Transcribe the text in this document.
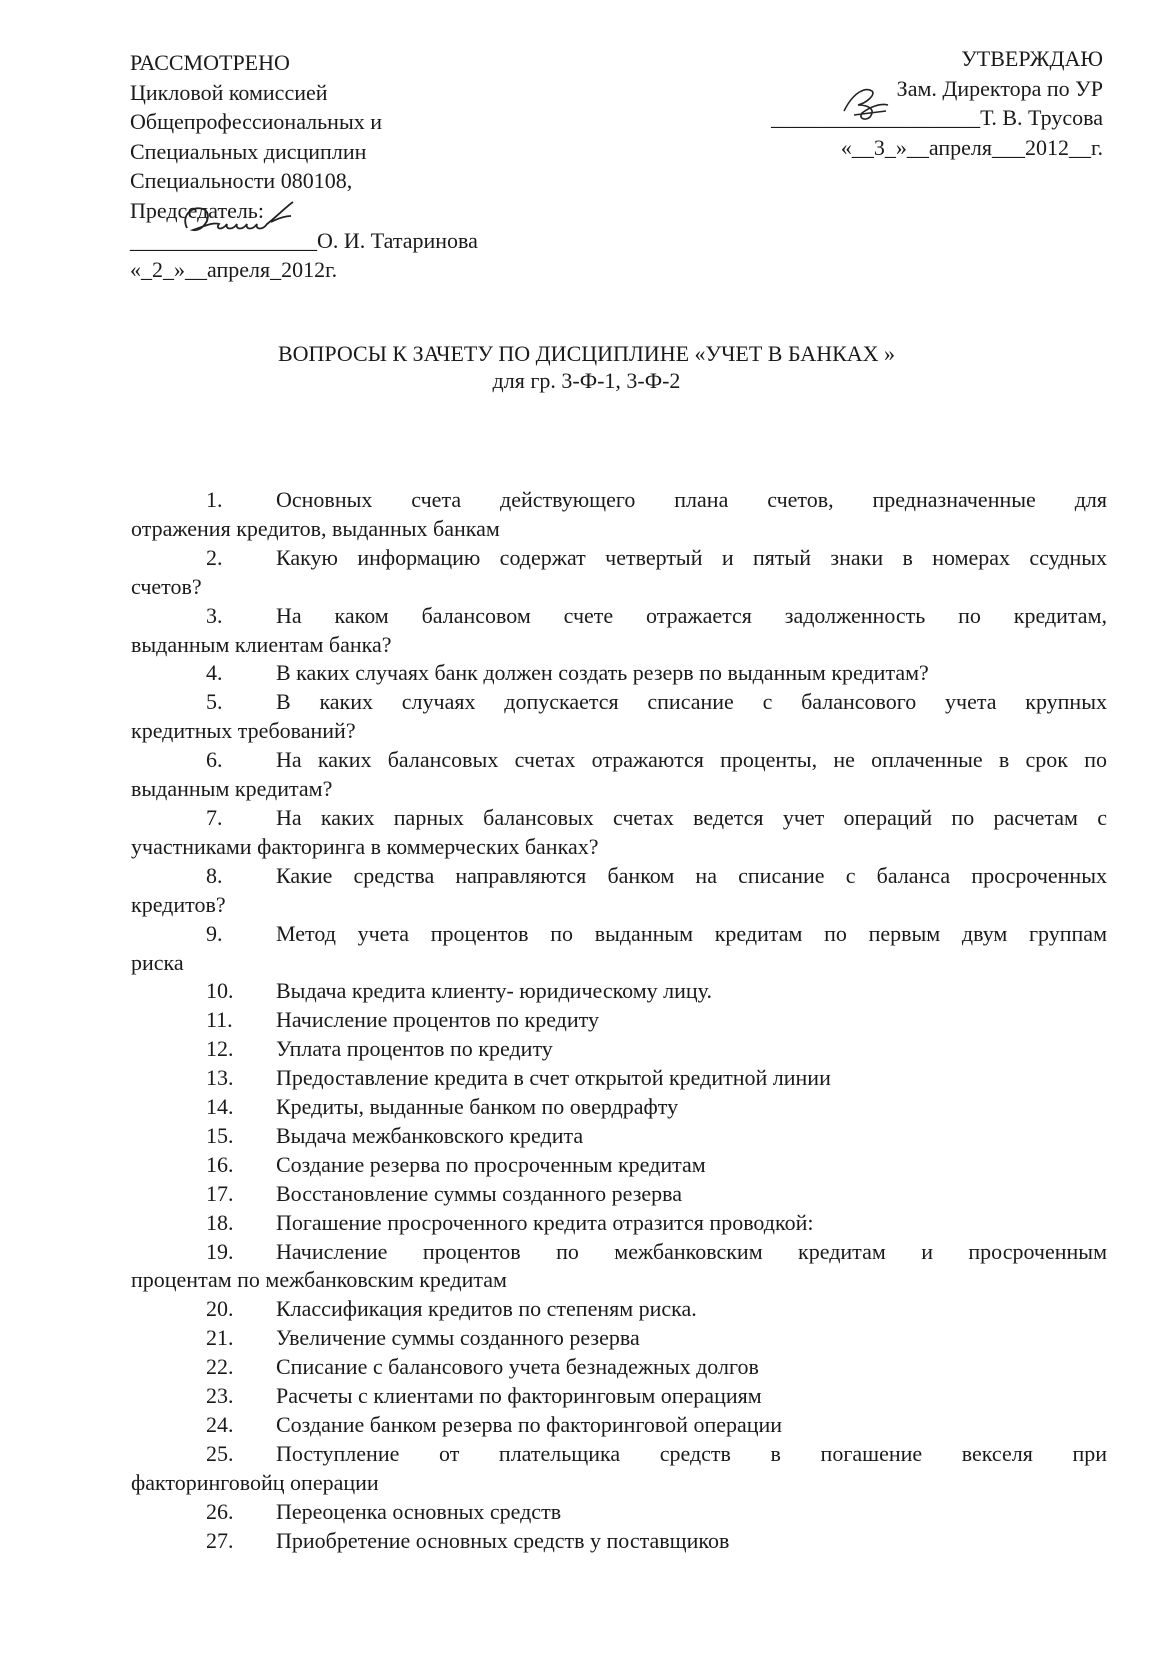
РАССМОТРЕНО
Цикловой комиссией
Общепрофессиональных и
Специальных дисциплин
Специальности 080108,
Председатель:
_________________О. И. Татаринова
«_2_»__апреля_2012г.
УТВЕРЖДАЮ
Зам. Директора по УР
___________________Т. В. Трусова
«__3_»__апреля___2012__г.
ВОПРОСЫ К ЗАЧЕТУ ПО ДИСЦИПЛИНЕ «УЧЕТ В БАНКАХ »
для гр. 3-Ф-1, 3-Ф-2
1. Основных счета действующего плана счетов, предназначенные для
отражения кредитов, выданных банкам
2. Какую информацию содержат четвертый и пятый знаки в номерах ссудных
счетов?
3. На каком балансовом счете отражается задолженность по кредитам,
выданным клиентам банка?
4. В каких случаях банк должен создать резерв по выданным кредитам?
5. В каких случаях допускается списание с балансового учета крупных
кредитных требований?
6. На каких балансовых счетах отражаются проценты, не оплаченные в срок по
выданным кредитам?
7. На каких парных балансовых счетах ведется учет операций по расчетам с
участниками факторинга в коммерческих банках?
8. Какие средства направляются банком на списание с баланса просроченных
кредитов?
9. Метод учета процентов по выданным кредитам по первым двум группам
риска
10. Выдача кредита клиенту- юридическому лицу.
11. Начисление процентов по кредиту
12. Уплата процентов по кредиту
13. Предоставление кредита в счет открытой кредитной линии
14. Кредиты, выданные банком по овердрафту
15. Выдача межбанковского кредита
16. Создание резерва по просроченным кредитам
17. Восстановление суммы созданного резерва
18. Погашение просроченного кредита отразится проводкой:
19. Начисление процентов по межбанковским кредитам и просроченным
процентам по межбанковским кредитам
20. Классификация кредитов по степеням риска.
21. Увеличение суммы созданного резерва
22. Списание с балансового учета безнадежных долгов
23. Расчеты с клиентами по факторинговым операциям
24. Создание банком резерва по факторинговой операции
25. Поступление от плательщика средств в погашение векселя при
факторинговойц операции
26. Переоценка основных средств
27. Приобретение основных средств у поставщиков
